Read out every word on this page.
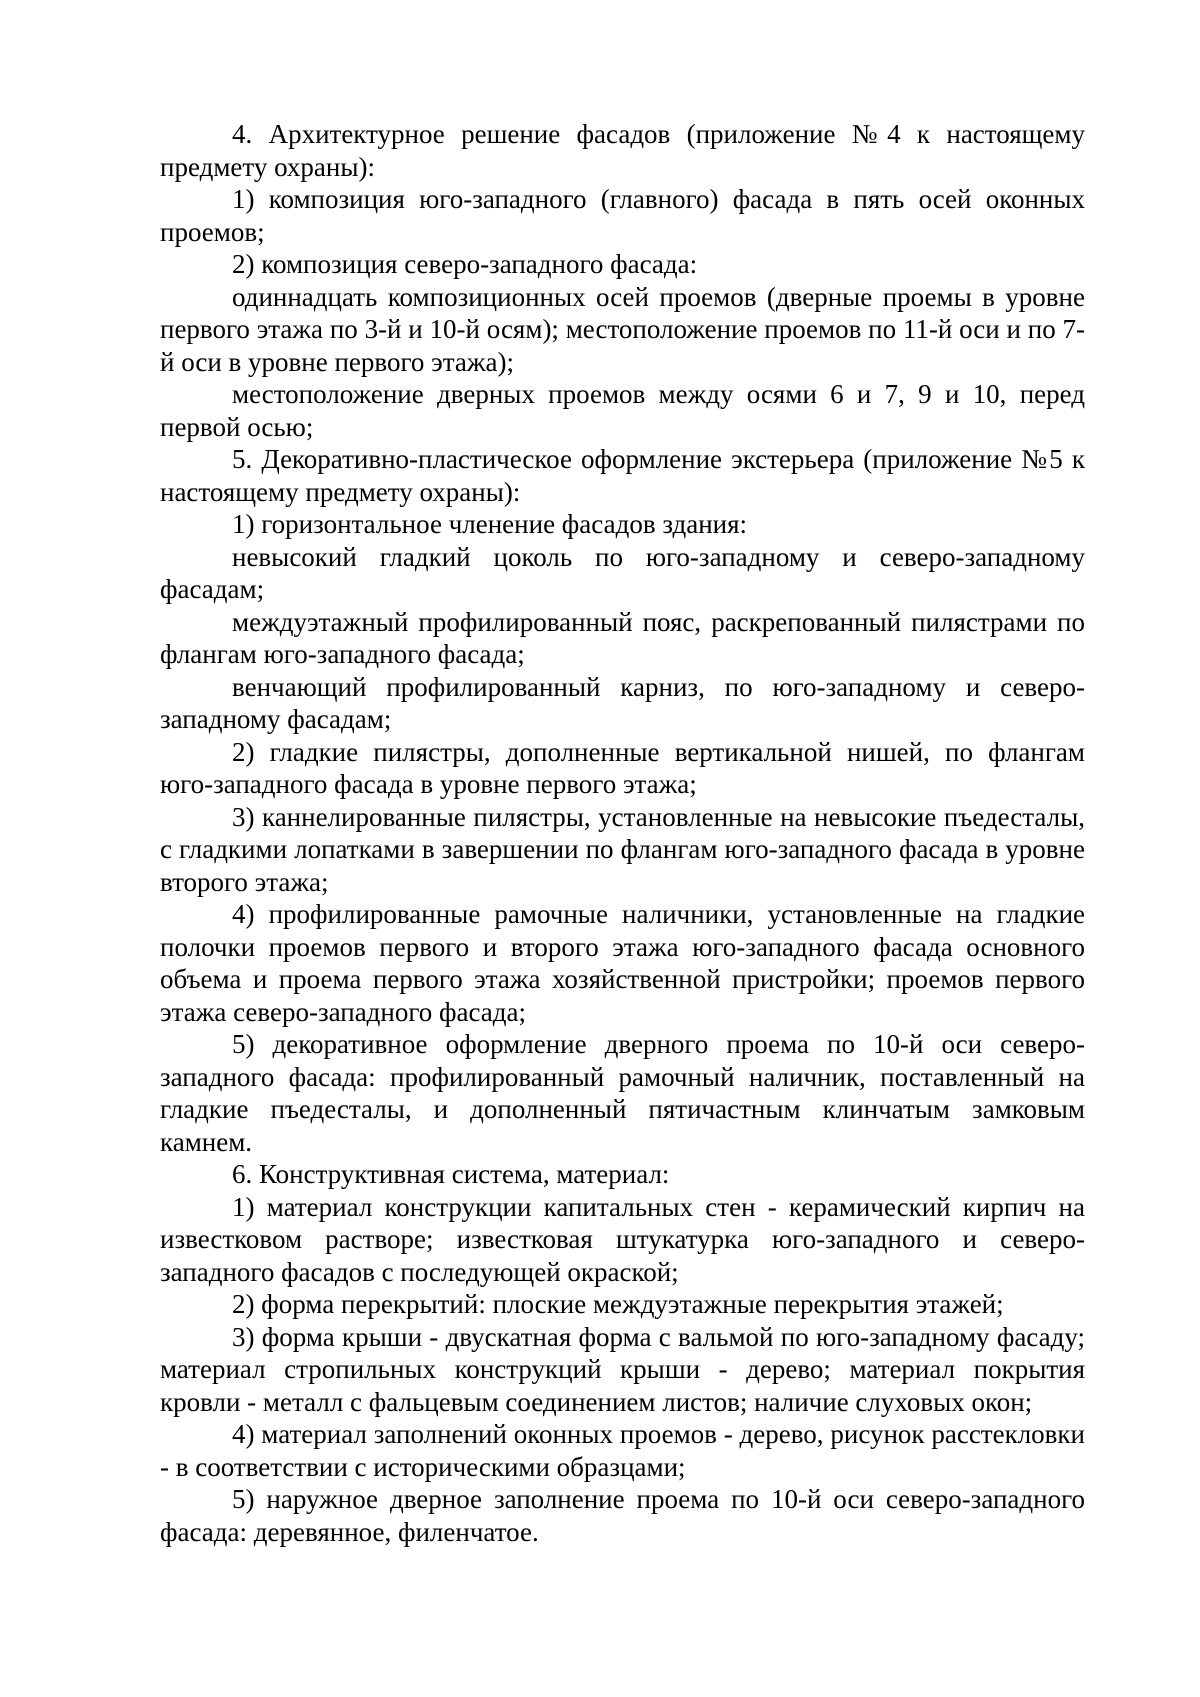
4. Архитектурное решение фасадов (приложение №4 к настоящему предмету охраны):

1) композиция юго-западного (главного) фасада в пять осей оконных проемов;

2) композиция северо-западного фасада:

одиннадцать композиционных осей проемов (дверные проемы в уровне первого этажа по 3-й и 10-й осям); местоположение проемов по 11-й оси и по 7-й оси в уровне первого этажа);

местоположение дверных проемов между осями 6 и 7, 9 и 10, перед первой осью;

5. Декоративно-пластическое оформление экстерьера (приложение №5 к настоящему предмету охраны):

1) горизонтальное членение фасадов здания:

невысокий гладкий цоколь по юго-западному и северо-западному фасадам;

междуэтажный профилированный пояс, раскрепованный пилястрами по флангам юго-западного фасада;

венчающий профилированный карниз, по юго-западному и северо-западному фасадам;

2) гладкие пилястры, дополненные вертикальной нишей, по флангам юго-западного фасада в уровне первого этажа;

3) каннелированные пилястры, установленные на невысокие пъедесталы, с гладкими лопатками в завершении по флангам юго-западного фасада в уровне второго этажа;

4) профилированные рамочные наличники, установленные на гладкие полочки проемов первого и второго этажа юго-западного фасада основного объема и проема первого этажа хозяйственной пристройки; проемов первого этажа северо-западного фасада;

5) декоративное оформление дверного проема по 10-й оси северо-западного фасада: профилированный рамочный наличник, поставленный на гладкие пъедесталы, и дополненный пятичастным клинчатым замковым камнем.

6. Конструктивная система, материал:

1) материал конструкции капитальных стен - керамический кирпич на известковом растворе; известковая штукатурка юго-западного и северо-западного фасадов с последующей окраской;

2) форма перекрытий: плоские междуэтажные перекрытия этажей;

3) форма крыши - двускатная форма с вальмой по юго-западному фасаду; материал стропильных конструкций крыши - дерево; материал покрытия кровли - металл с фальцевым соединением листов; наличие слуховых окон;

4) материал заполнений оконных проемов - дерево, рисунок расстекловки - в соответствии с историческими образцами;

5) наружное дверное заполнение проема по 10-й оси северо-западного фасада: деревянное, филенчатое.
